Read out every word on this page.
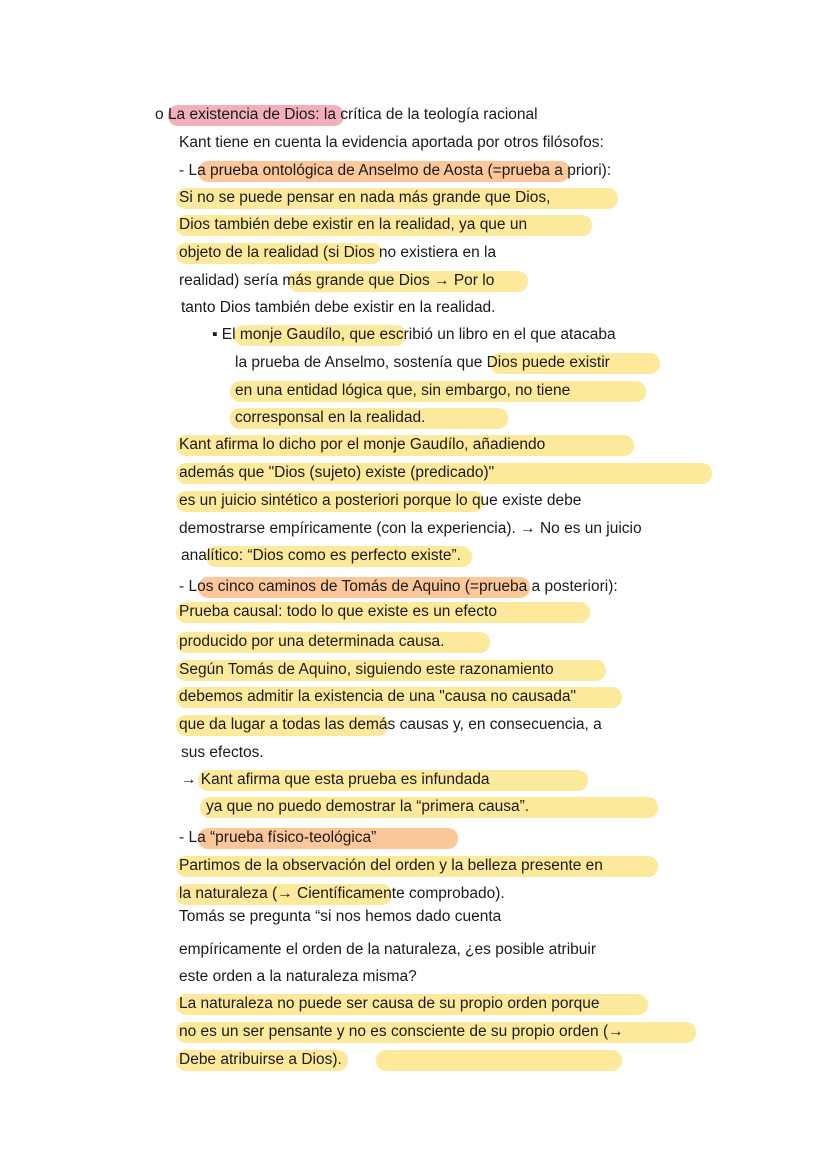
o La existencia de Dios: la crítica de la teología racional
Kant tiene en cuenta la evidencia aportada por otros filósofos:
- La prueba ontológica de Anselmo de Aosta (=prueba a priori):
Si no se puede pensar en nada más grande que Dios,
Dios también debe existir en la realidad, ya que un
objeto de la realidad (si Dios no existiera en la
realidad) sería más grande que Dios → Por lo
tanto Dios también debe existir en la realidad.
▪ El monje Gaudílo, que escribió un libro en el que atacaba
la prueba de Anselmo, sostenía que Dios puede existir
en una entidad lógica que, sin embargo, no tiene
corresponsal en la realidad.
Kant afirma lo dicho por el monje Gaudílo, añadiendo
además que "Dios (sujeto) existe (predicado)"
es un juicio sintético a posteriori porque lo que existe debe
demostrarse empíricamente (con la experiencia). → No es un juicio
analítico: “Dios como es perfecto existe”.
- Los cinco caminos de Tomás de Aquino (=prueba a posteriori):
Prueba causal: todo lo que existe es un efecto
producido por una determinada causa.
Según Tomás de Aquino, siguiendo este razonamiento
debemos admitir la existencia de una "causa no causada"
que da lugar a todas las demás causas y, en consecuencia, a
sus efectos.
→ Kant afirma que esta prueba es infundada
ya que no puedo demostrar la “primera causa”.
- La “prueba físico-teológica”
Partimos de la observación del orden y la belleza presente en
la naturaleza (→ Científicamente comprobado).
Tomás se pregunta “si nos hemos dado cuenta
empíricamente el orden de la naturaleza, ¿es posible atribuir
este orden a la naturaleza misma?
La naturaleza no puede ser causa de su propio orden porque
no es un ser pensante y no es consciente de su propio orden (→
Debe atribuirse a Dios).
